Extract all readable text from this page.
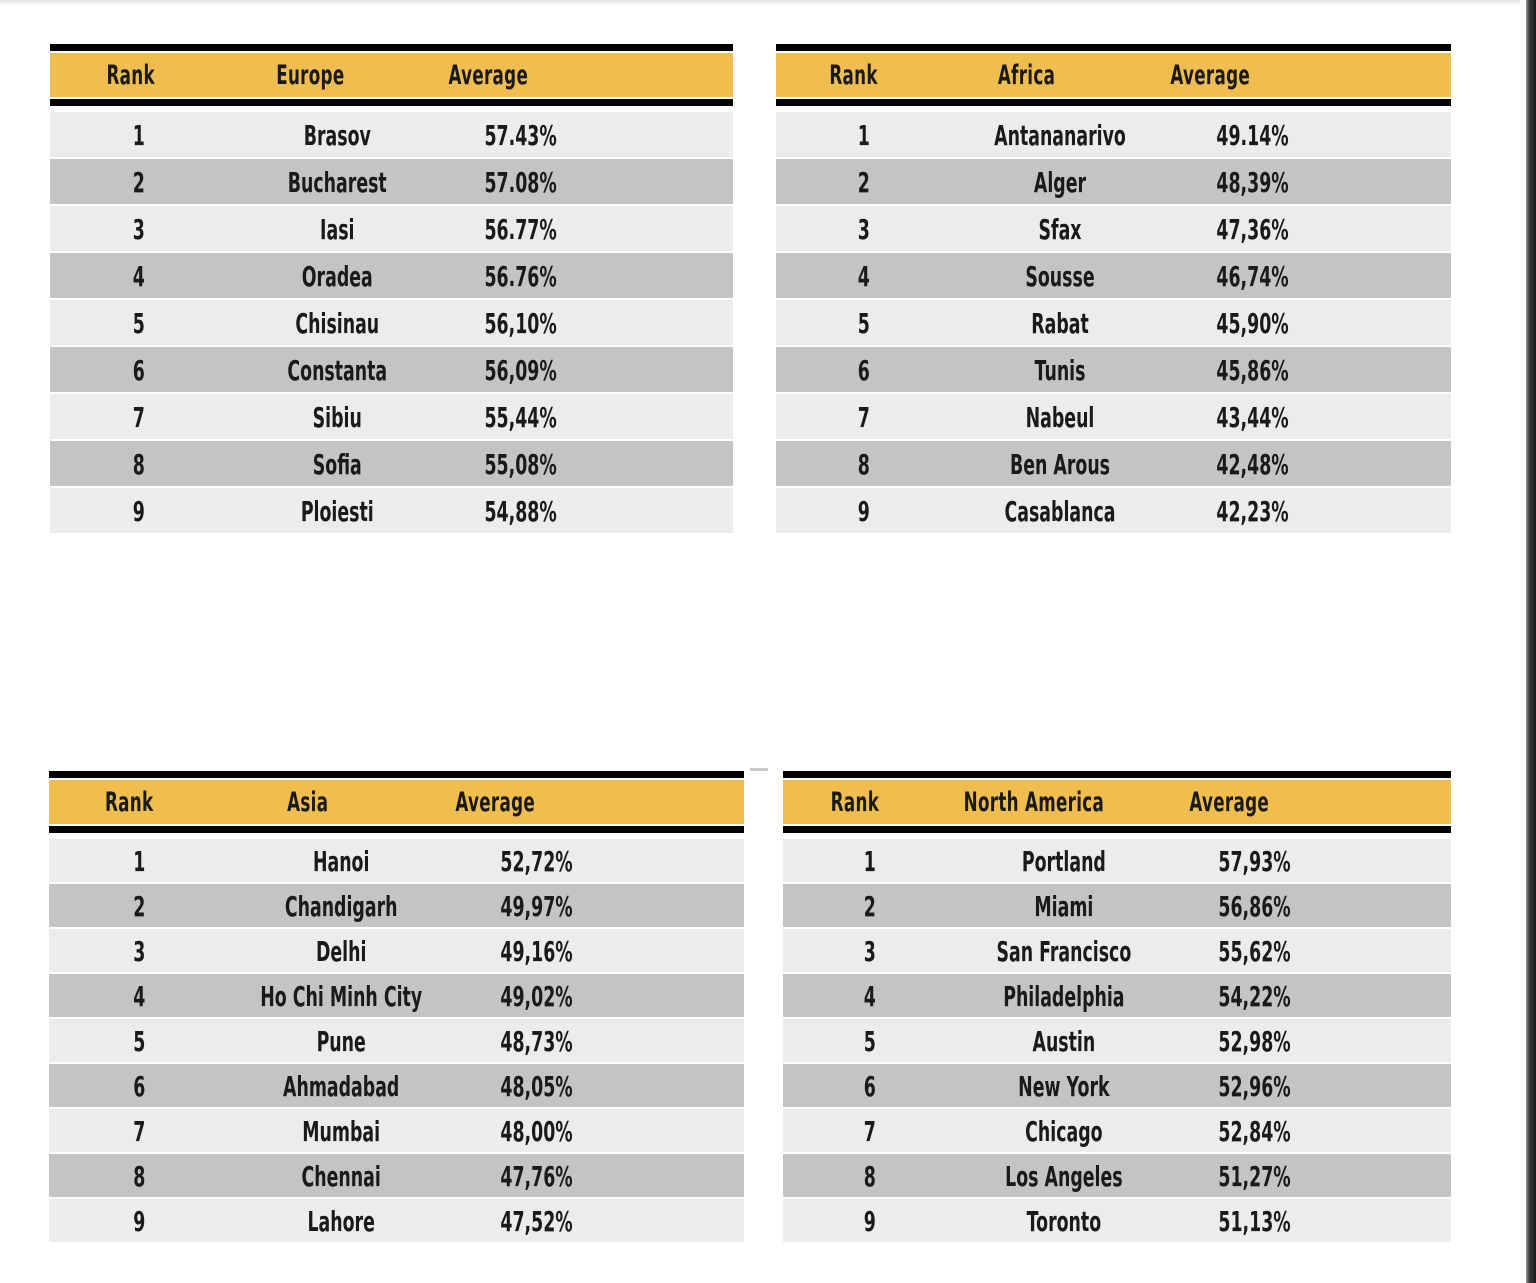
Rank	Europe	Average
1	Brasov	57.43%
2	Bucharest	57.08%
3	Iasi	56.77%
4	Oradea	56.76%
5	Chisinau	56,10%
6	Constanta	56,09%
7	Sibiu	55,44%
8	Sofia	55,08%
9	Ploiesti	54,88%
Rank	Africa	Average
1	Antananarivo	49.14%
2	Alger	48,39%
3	Sfax	47,36%
4	Sousse	46,74%
5	Rabat	45,90%
6	Tunis	45,86%
7	Nabeul	43,44%
8	Ben Arous	42,48%
9	Casablanca	42,23%
Rank	Asia	Average
1	Hanoi	52,72%
2	Chandigarh	49,97%
3	Delhi	49,16%
4	Ho Chi Minh City	49,02%
5	Pune	48,73%
6	Ahmadabad	48,05%
7	Mumbai	48,00%
8	Chennai	47,76%
9	Lahore	47,52%
Rank	North America	Average
1	Portland	57,93%
2	Miami	56,86%
3	San Francisco	55,62%
4	Philadelphia	54,22%
5	Austin	52,98%
6	New York	52,96%
7	Chicago	52,84%
8	Los Angeles	51,27%
9	Toronto	51,13%
